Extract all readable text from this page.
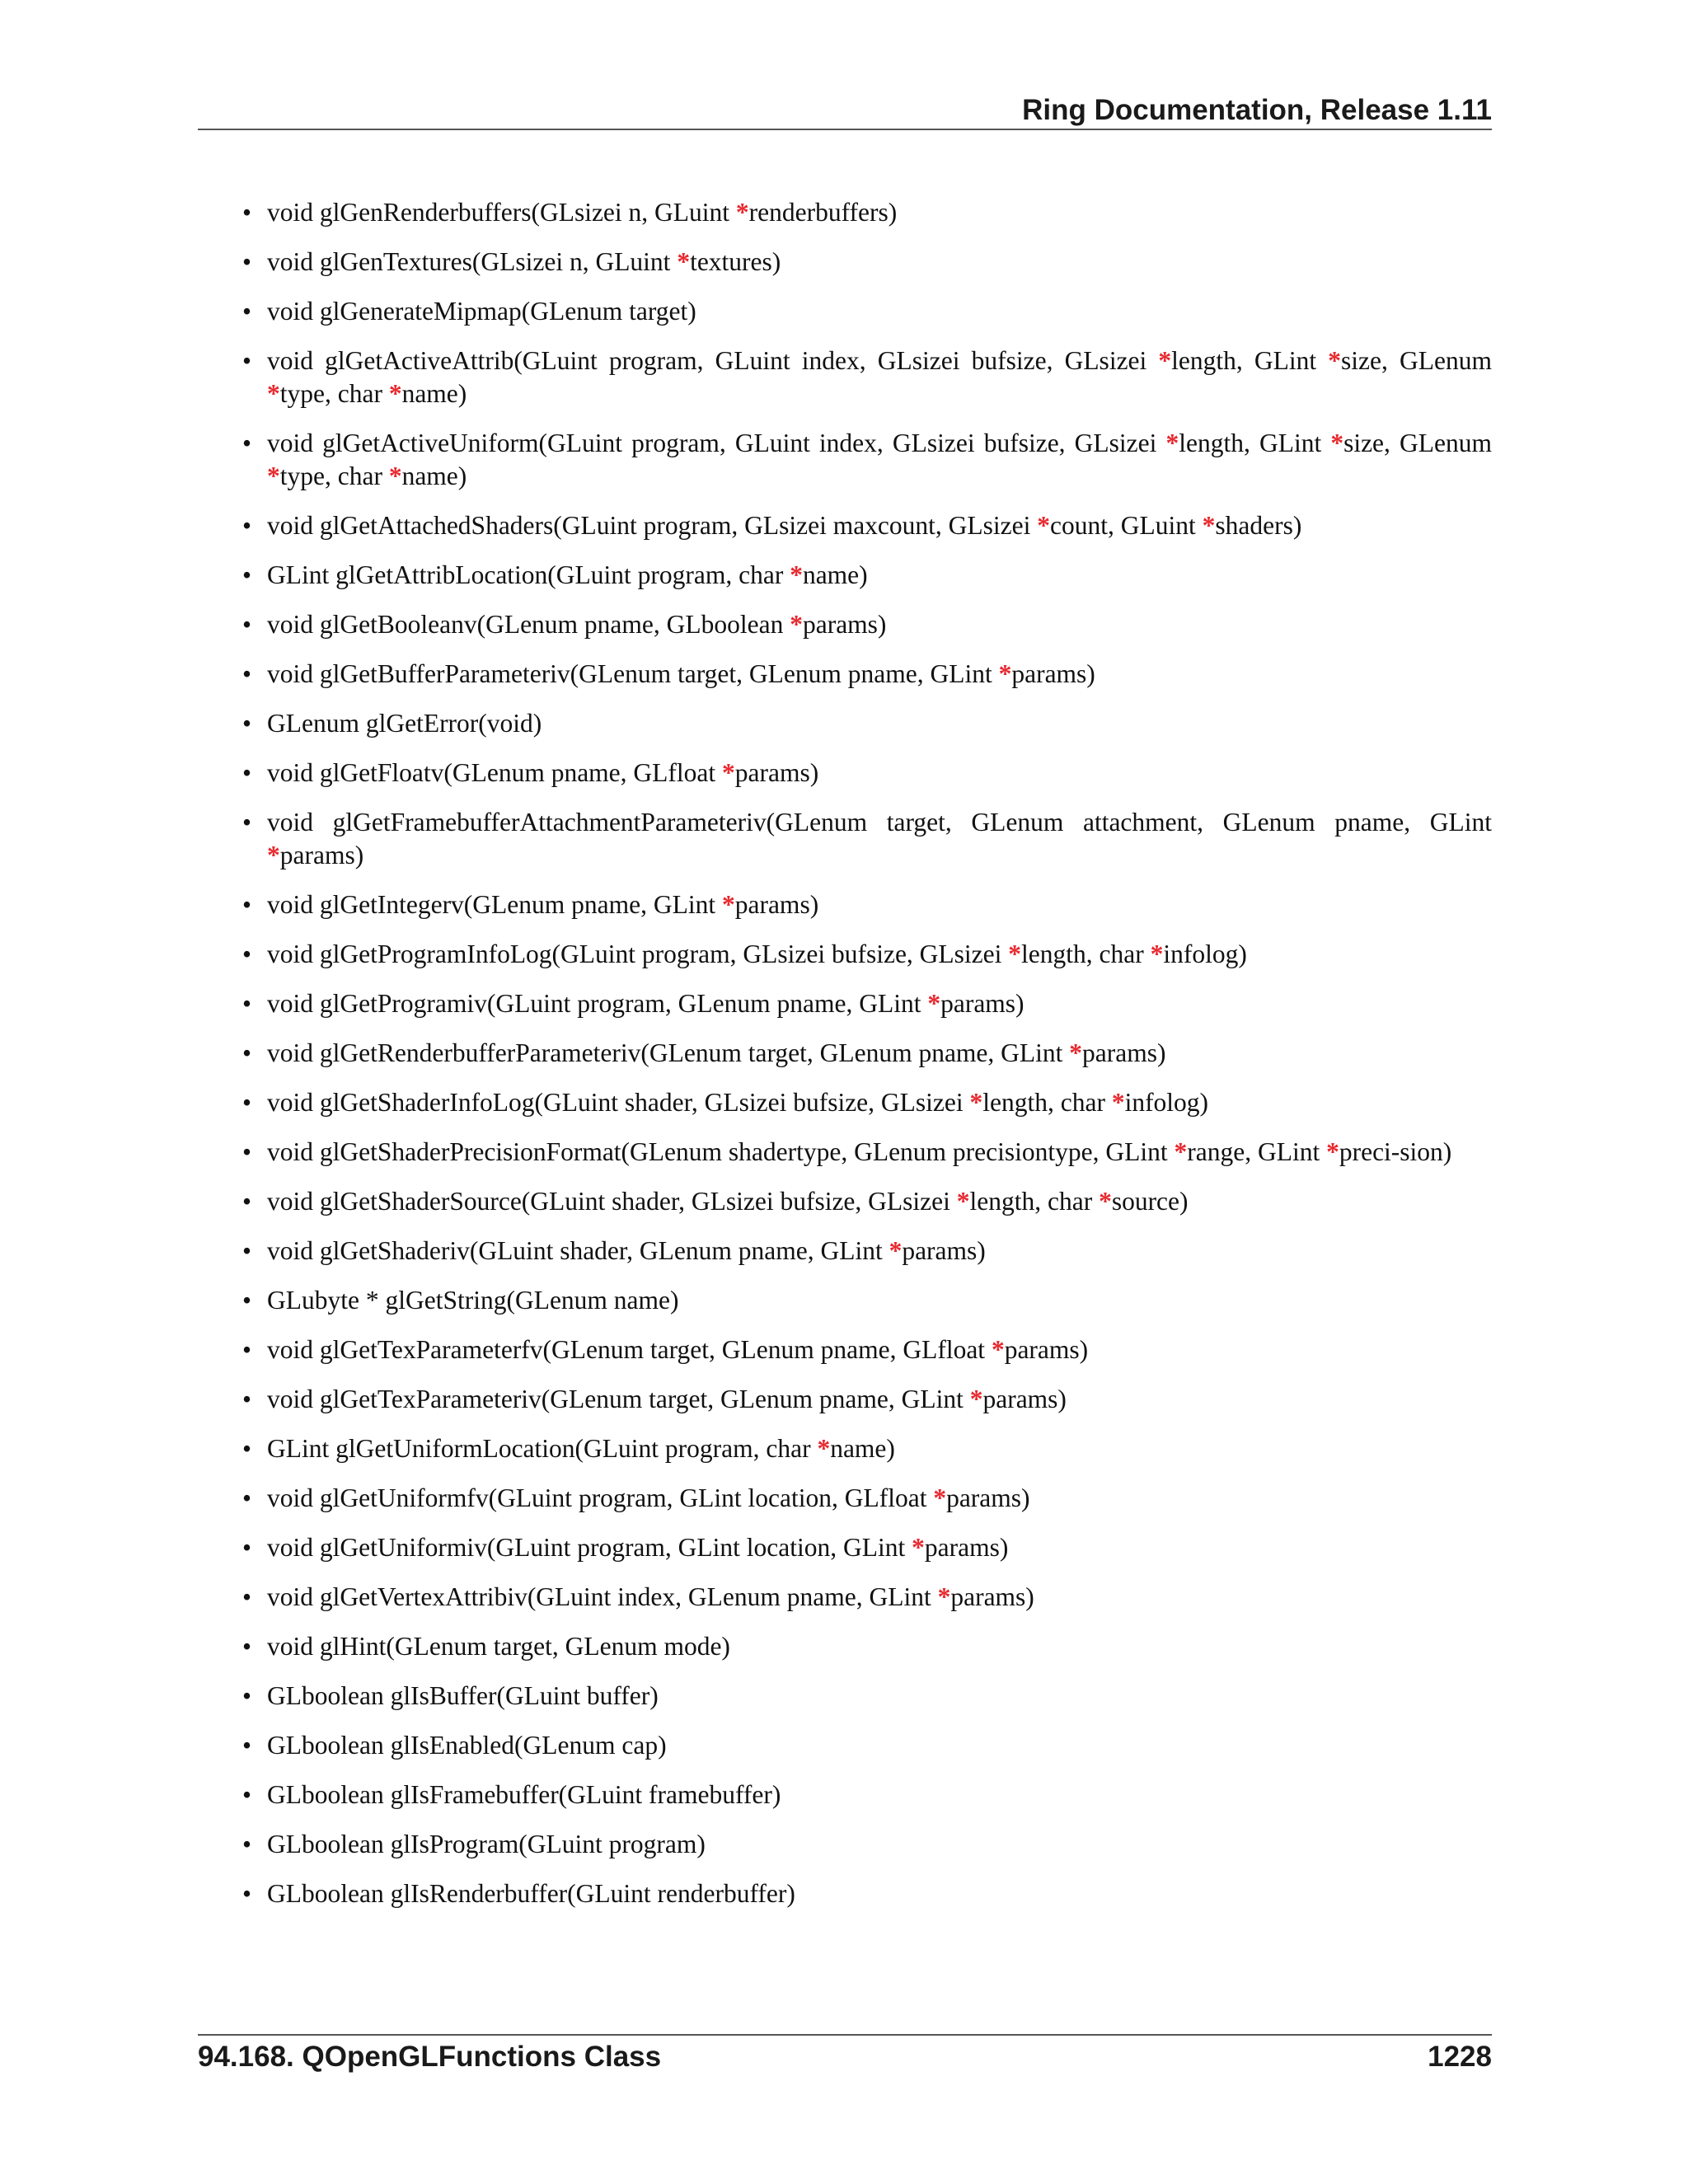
Ring Documentation, Release 1.11
• void glGenRenderbuffers(GLsizei n, GLuint *renderbuffers)
• void glGenTextures(GLsizei n, GLuint *textures)
• void glGenerateMipmap(GLenum target)
• void glGetActiveAttrib(GLuint program, GLuint index, GLsizei bufsize, GLsizei *length, GLint *size, GLenum *type, char *name)
• void glGetActiveUniform(GLuint program, GLuint index, GLsizei bufsize, GLsizei *length, GLint *size, GLenum *type, char *name)
• void glGetAttachedShaders(GLuint program, GLsizei maxcount, GLsizei *count, GLuint *shaders)
• GLint glGetAttribLocation(GLuint program, char *name)
• void glGetBooleanv(GLenum pname, GLboolean *params)
• void glGetBufferParameteriv(GLenum target, GLenum pname, GLint *params)
• GLenum glGetError(void)
• void glGetFloatv(GLenum pname, GLfloat *params)
• void glGetFramebufferAttachmentParameteriv(GLenum target, GLenum attachment, GLenum pname, GLint *params)
• void glGetIntegerv(GLenum pname, GLint *params)
• void glGetProgramInfoLog(GLuint program, GLsizei bufsize, GLsizei *length, char *infolog)
• void glGetProgramiv(GLuint program, GLenum pname, GLint *params)
• void glGetRenderbufferParameteriv(GLenum target, GLenum pname, GLint *params)
• void glGetShaderInfoLog(GLuint shader, GLsizei bufsize, GLsizei *length, char *infolog)
• void glGetShaderPrecisionFormat(GLenum shadertype, GLenum precisiontype, GLint *range, GLint *preci-sion)
• void glGetShaderSource(GLuint shader, GLsizei bufsize, GLsizei *length, char *source)
• void glGetShaderiv(GLuint shader, GLenum pname, GLint *params)
• GLubyte * glGetString(GLenum name)
• void glGetTexParameterfv(GLenum target, GLenum pname, GLfloat *params)
• void glGetTexParameteriv(GLenum target, GLenum pname, GLint *params)
• GLint glGetUniformLocation(GLuint program, char *name)
• void glGetUniformfv(GLuint program, GLint location, GLfloat *params)
• void glGetUniformiv(GLuint program, GLint location, GLint *params)
• void glGetVertexAttribiv(GLuint index, GLenum pname, GLint *params)
• void glHint(GLenum target, GLenum mode)
• GLboolean glIsBuffer(GLuint buffer)
• GLboolean glIsEnabled(GLenum cap)
• GLboolean glIsFramebuffer(GLuint framebuffer)
• GLboolean glIsProgram(GLuint program)
• GLboolean glIsRenderbuffer(GLuint renderbuffer)
94.168. QOpenGLFunctions Class	1228
